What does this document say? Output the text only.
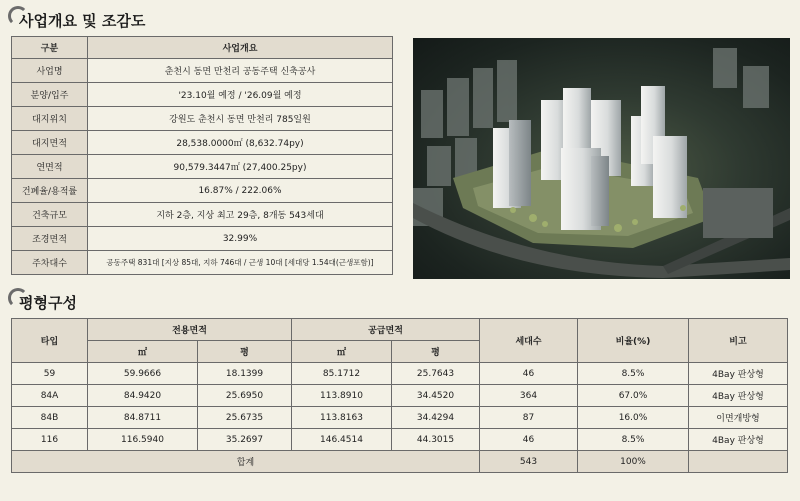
사업개요 및 조감도
구분	사업개요
사업명	춘천시 동면 만천리 공동주택 신축공사
분양/입주	'23.10월 예정 / '26.09월 예정
대지위치	강원도 춘천시 동면 만천리 785일원
대지면적	28,538.0000㎡ (8,632.74py)
연면적	90,579.3447㎡ (27,400.25py)
건폐율/용적률	16.87% / 222.06%
건축규모	지하 2층, 지상 최고 29층, 8개동 543세대
조경면적	32.99%
주차대수	공동주택 831대 [지상 85대, 지하 746대 / 근생 10대 [세대당 1.54대(근생포함)]
평형구성
타입	전용면적		공급면적		세대수	비율(%)	비고
	㎡	평	㎡	평			
59	59.9666	18.1399	85.1712	25.7643	46	8.5%	4Bay 판상형
84A	84.9420	25.6950	113.8910	34.4520	364	67.0%	4Bay 판상형
84B	84.8711	25.6735	113.8163	34.4294	87	16.0%	이면개방형
116	116.5940	35.2697	146.4514	44.3015	46	8.5%	4Bay 판상형
합계					543	100%	
